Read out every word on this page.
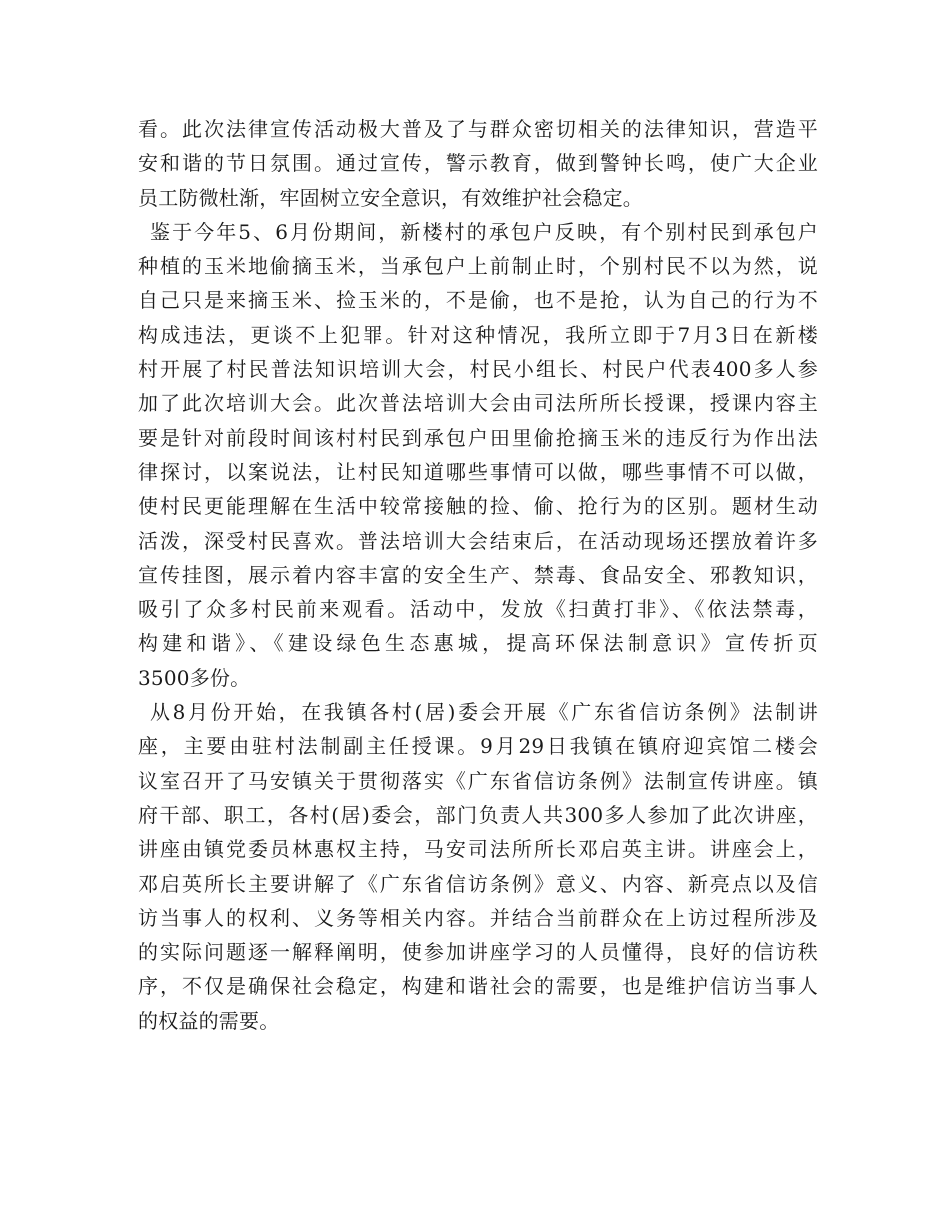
看。此次法律宣传活动极大普及了与群众密切相关的法律知识，营造平
安和谐的节日氛围。通过宣传，警示教育，做到警钟长鸣，使广大企业
员工防微杜渐，牢固树立安全意识，有效维护社会稳定。
鉴于今年5、6月份期间，新楼村的承包户反映，有个别村民到承包户
种植的玉米地偷摘玉米，当承包户上前制止时，个别村民不以为然，说
自己只是来摘玉米、捡玉米的，不是偷，也不是抢，认为自己的行为不
构成违法，更谈不上犯罪。针对这种情况，我所立即于7月3日在新楼
村开展了村民普法知识培训大会，村民小组长、村民户代表400多人参
加了此次培训大会。此次普法培训大会由司法所所长授课，授课内容主
要是针对前段时间该村村民到承包户田里偷抢摘玉米的违反行为作出法
律探讨，以案说法，让村民知道哪些事情可以做，哪些事情不可以做，
使村民更能理解在生活中较常接触的捡、偷、抢行为的区别。题材生动
活泼，深受村民喜欢。普法培训大会结束后，在活动现场还摆放着许多
宣传挂图，展示着内容丰富的安全生产、禁毒、食品安全、邪教知识，
吸引了众多村民前来观看。活动中，发放《扫黄打非》、《依法禁毒，
构建和谐》、《建设绿色生态惠城，提高环保法制意识》宣传折页
3500多份。
从8月份开始，在我镇各村(居)委会开展《广东省信访条例》法制讲
座，主要由驻村法制副主任授课。9月29日我镇在镇府迎宾馆二楼会
议室召开了马安镇关于贯彻落实《广东省信访条例》法制宣传讲座。镇
府干部、职工，各村(居)委会，部门负责人共300多人参加了此次讲座，
讲座由镇党委员林惠权主持，马安司法所所长邓启英主讲。讲座会上，
邓启英所长主要讲解了《广东省信访条例》意义、内容、新亮点以及信
访当事人的权利、义务等相关内容。并结合当前群众在上访过程所涉及
的实际问题逐一解释阐明，使参加讲座学习的人员懂得，良好的信访秩
序，不仅是确保社会稳定，构建和谐社会的需要，也是维护信访当事人
的权益的需要。
